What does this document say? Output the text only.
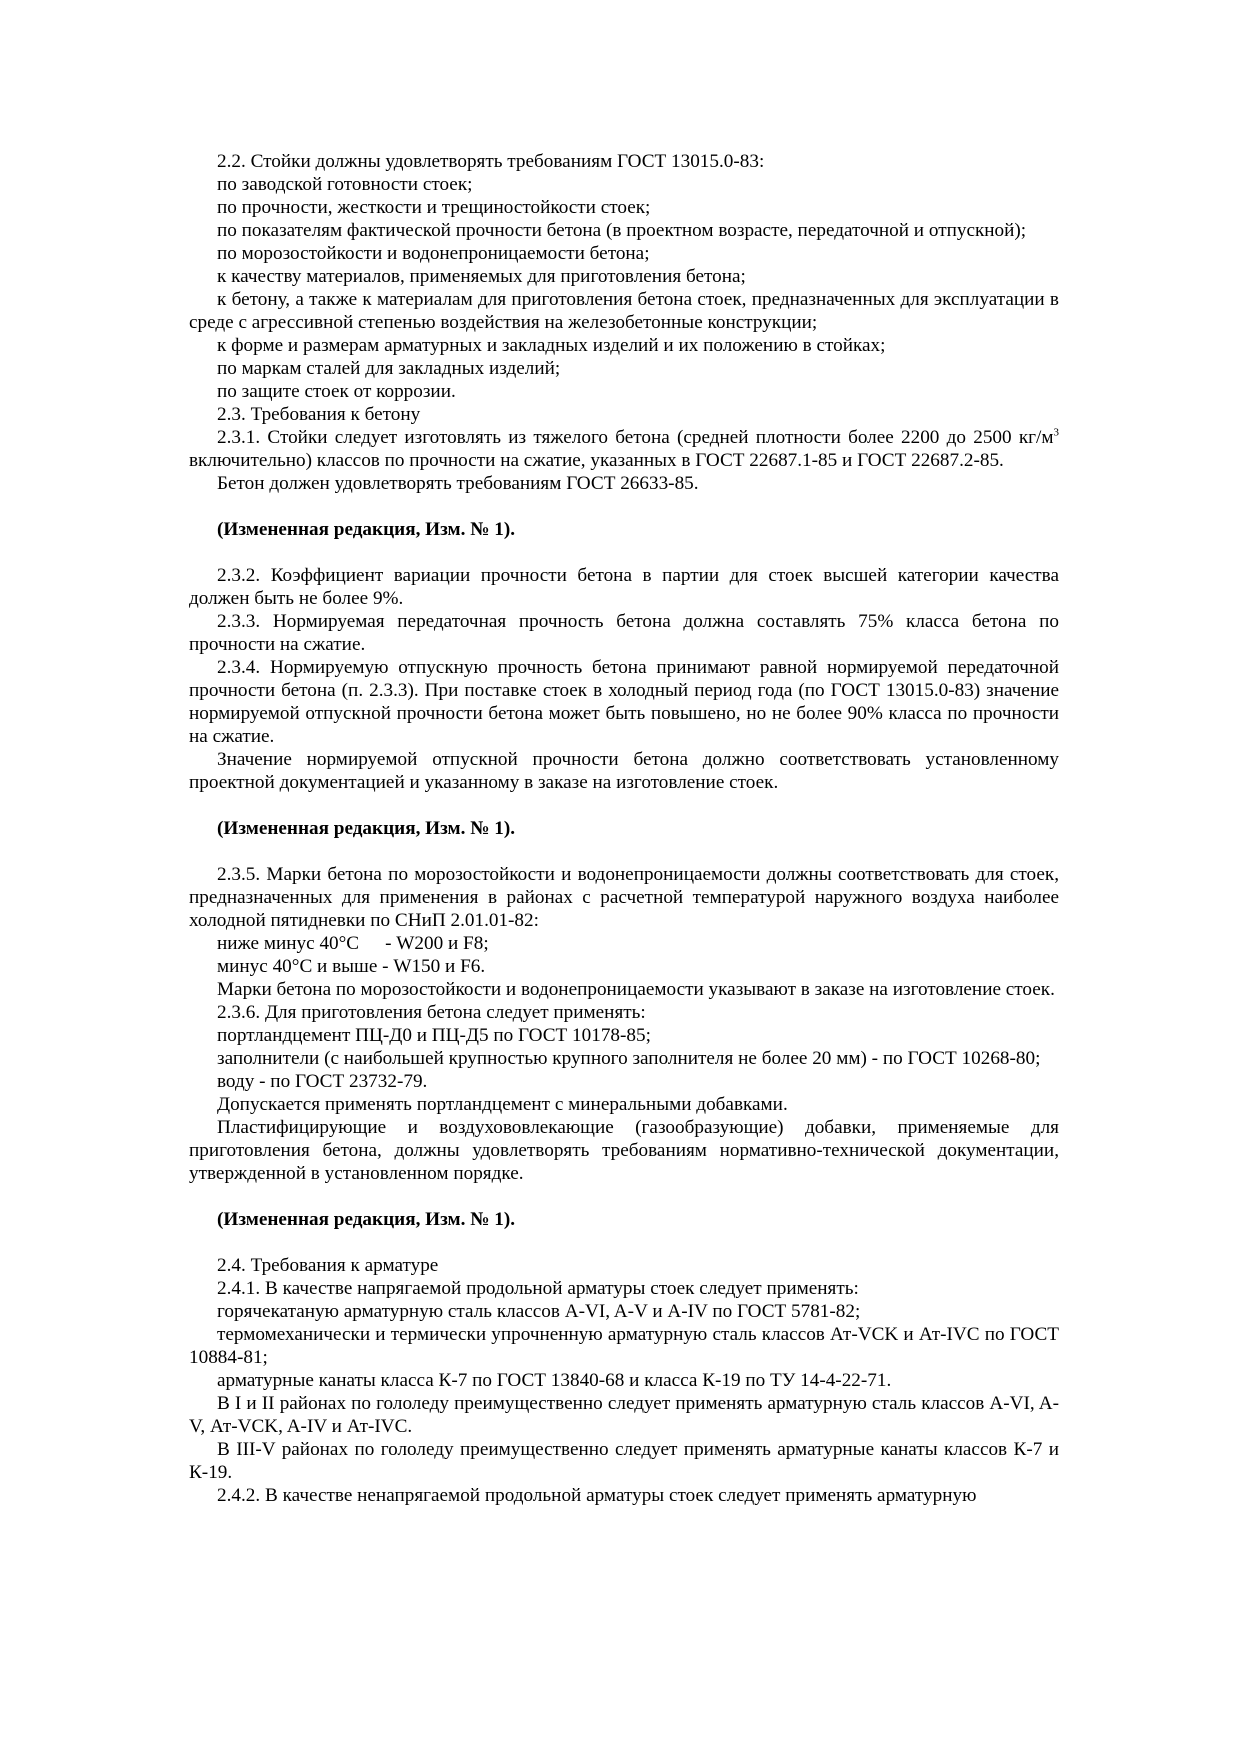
2.2. Стойки должны удовлетворять требованиям ГОСТ 13015.0-83:

по заводской готовности стоек;

по прочности, жесткости и трещиностойкости стоек;

по показателям фактической прочности бетона (в проектном возрасте, передаточной и отпускной);

по морозостойкости и водонепроницаемости бетона;

к качеству материалов, применяемых для приготовления бетона;

к бетону, а также к материалам для приготовления бетона стоек, предназначенных для эксплуатации в среде с агрессивной степенью воздействия на железобетонные конструкции;

к форме и размерам арматурных и закладных изделий и их положению в стойках;

по маркам сталей для закладных изделий;

по защите стоек от коррозии.

2.3. Требования к бетону

2.3.1. Стойки следует изготовлять из тяжелого бетона (средней плотности более 2200 до 2500 $кг/м^3$ включительно) классов по прочности на сжатие, указанных в ГОСТ 22687.1-85 и ГОСТ 22687.2-85.

Бетон должен удовлетворять требованиям ГОСТ 26633-85.

(Измененная редакция, Изм. № 1).

2.3.2. Коэффициент вариации прочности бетона в партии для стоек высшей категории качества должен быть не более 9%.

2.3.3. Нормируемая передаточная прочность бетона должна составлять 75% класса бетона по прочности на сжатие.

2.3.4. Нормируемую отпускную прочность бетона принимают равной нормируемой передаточной прочности бетона (п. 2.3.3). При поставке стоек в холодный период года (по ГОСТ 13015.0-83) значение нормируемой отпускной прочности бетона может быть повышено, но не более 90% класса по прочности на сжатие.

Значение нормируемой отпускной прочности бетона должно соответствовать установленному проектной документацией и указанному в заказе на изготовление стоек.

(Измененная редакция, Изм. № 1).

2.3.5. Марки бетона по морозостойкости и водонепроницаемости должны соответствовать для стоек, предназначенных для применения в районах с расчетной температурой наружного воздуха наиболее холодной пятидневки по СНиП 2.01.01-82:

ниже минус 40°С - W200 и F8;

минус 40°С и выше - W150 и F6.

Марки бетона по морозостойкости и водонепроницаемости указывают в заказе на изготовление стоек.

2.3.6. Для приготовления бетона следует применять:

портландцемент ПЦ-Д0 и ПЦ-Д5 по ГОСТ 10178-85;

заполнители (с наибольшей крупностью крупного заполнителя не более 20 мм) - по ГОСТ 10268-80;

воду - по ГОСТ 23732-79.

Допускается применять портландцемент с минеральными добавками.

Пластифицирующие и воздухововлекающие (газообразующие) добавки, применяемые для приготовления бетона, должны удовлетворять требованиям нормативно-технической документации, утвержденной в установленном порядке.

(Измененная редакция, Изм. № 1).

2.4. Требования к арматуре

2.4.1. В качестве напрягаемой продольной арматуры стоек следует применять:

горячекатаную арматурную сталь классов A-VI, A-V и A-IV по ГОСТ 5781-82;

термомеханически и термически упрочненную арматурную сталь классов Ат-VCK и Ат-IVC по ГОСТ 10884-81;

арматурные канаты класса К-7 по ГОСТ 13840-68 и класса К-19 по ТУ 14-4-22-71.

В I и II районах по гололеду преимущественно следует применять арматурную сталь классов A-VI, A-V, Ат-VCK, A-IV и Ат-IVC.

В III-V районах по гололеду преимущественно следует применять арматурные канаты классов К-7 и К-19.

2.4.2. В качестве ненапрягаемой продольной арматуры стоек следует применять арматурную
